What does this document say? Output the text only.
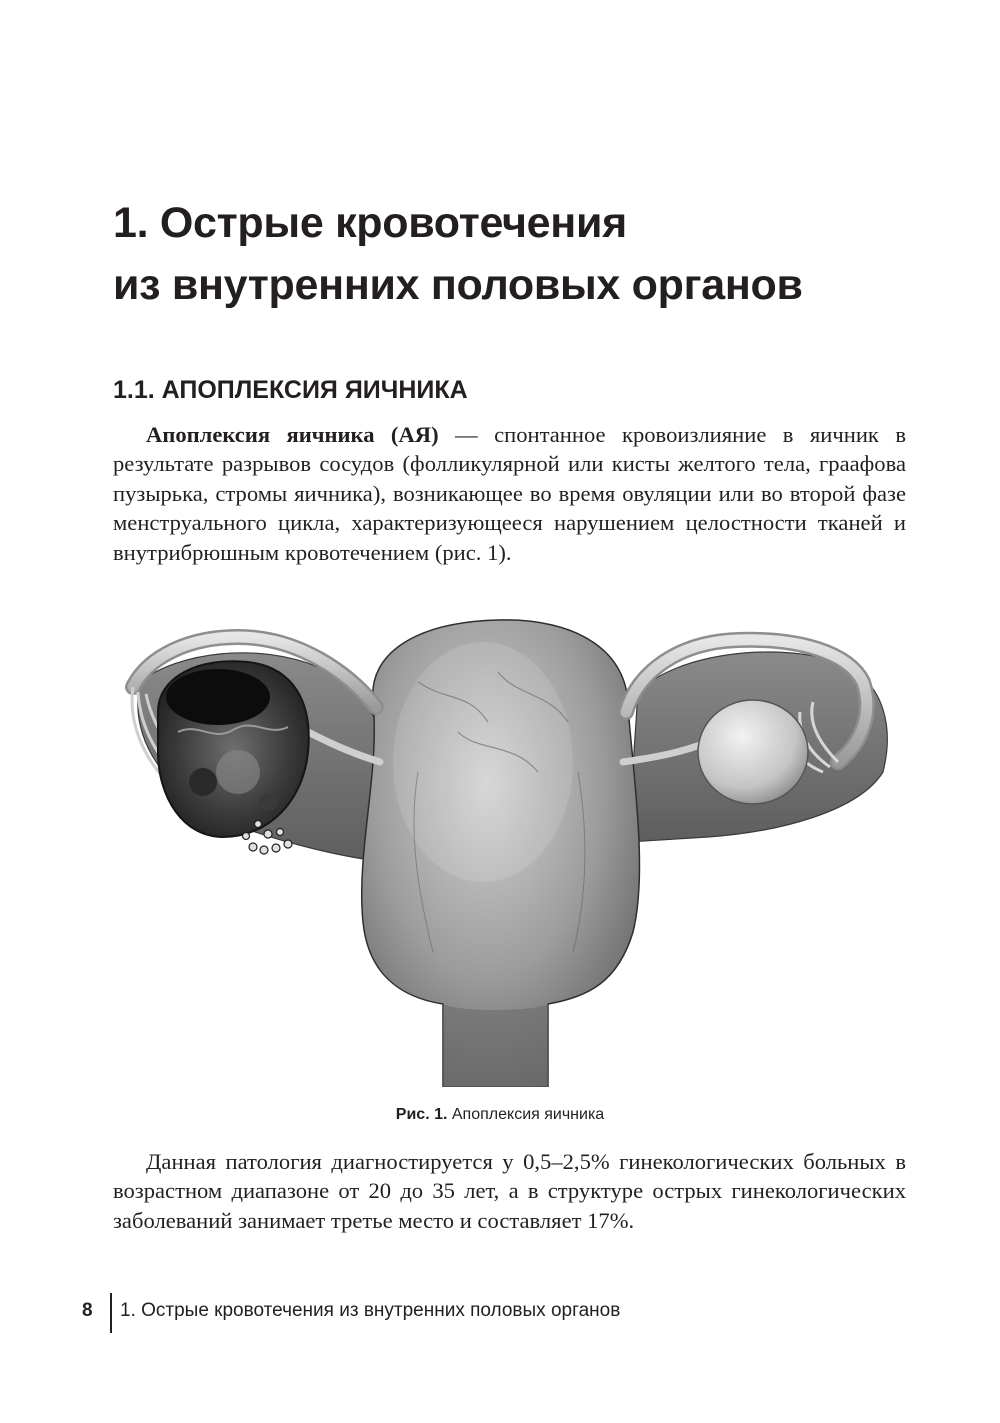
1. Острые кровотечения
из внутренних половых органов
1.1. АПОПЛЕКСИЯ ЯИЧНИКА

Апоплексия яичника (АЯ) — спонтанное кровоизлияние в яичник в результате разрывов сосудов (фолликулярной или кисты желтого тела, граафова пузырька, стромы яичника), возникающее во время овуляции или во второй фазе менструального цикла, характеризующееся нарушением целостности тканей и внутрибрюшным кровотечением (рис. 1).

Рис. 1. Апоплексия яичника

Данная патология диагностируется у 0,5–2,5% гинекологических больных в возрастном диапазоне от 20 до 35 лет, а в структуре острых гинекологических заболеваний занимает третье место и составляет 17%.

8 1. Острые кровотечения из внутренних половых органов
